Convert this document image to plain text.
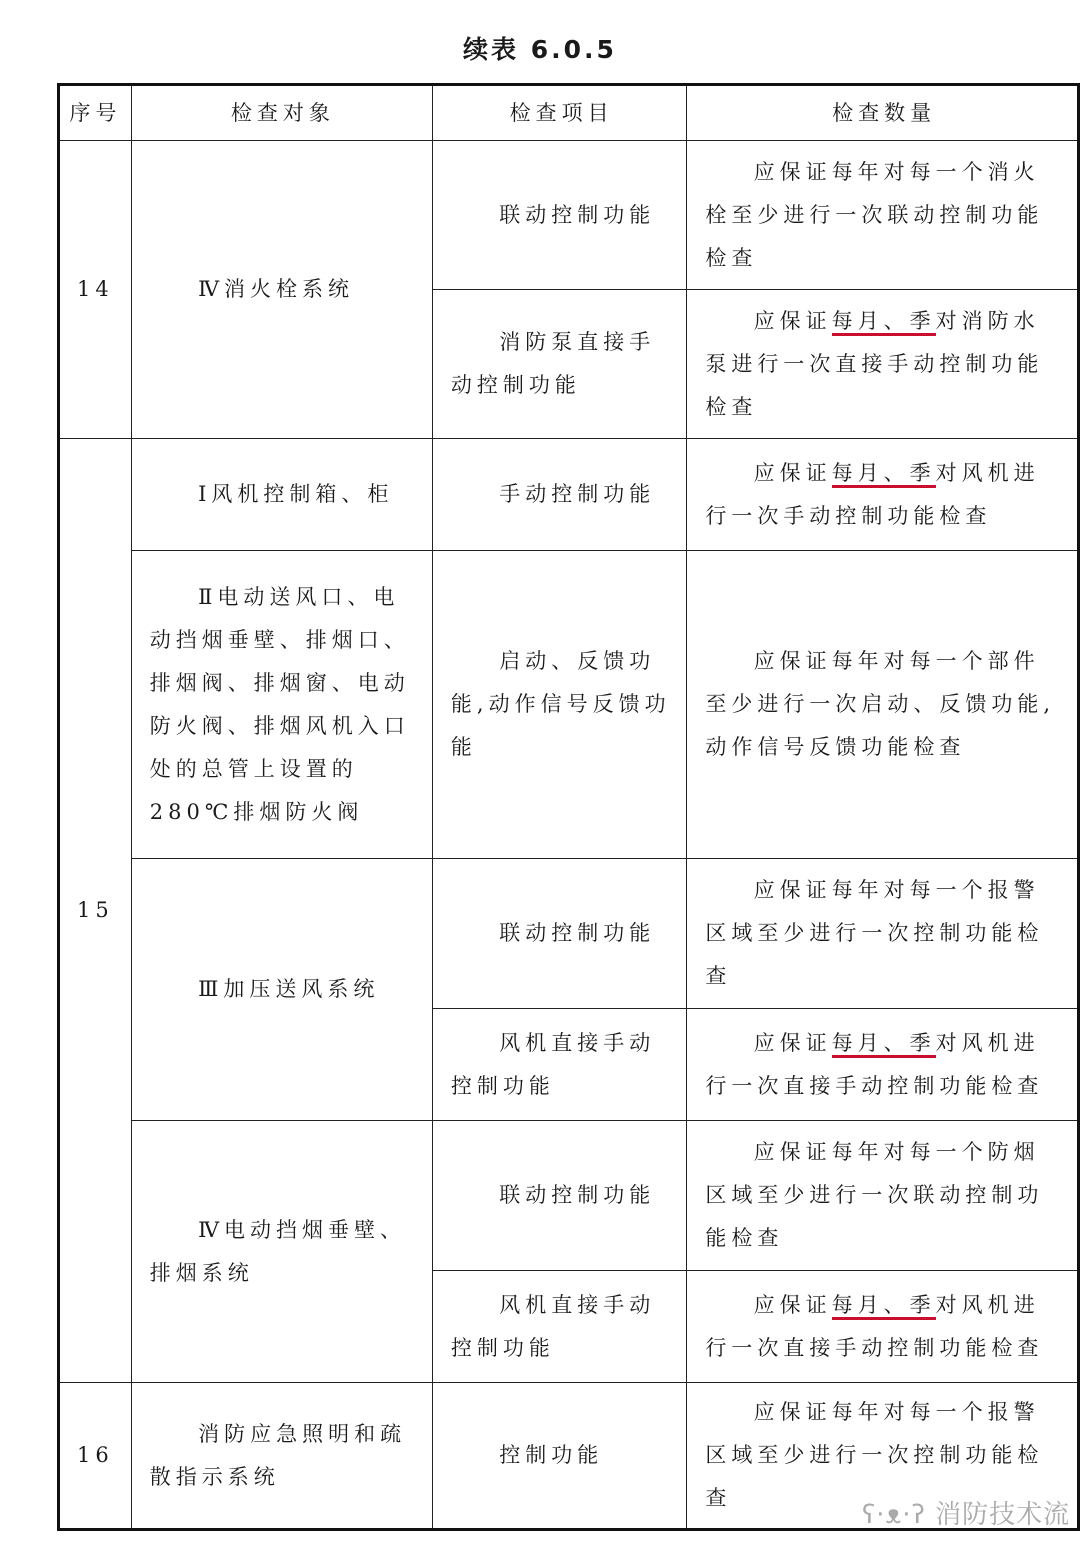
续表 6.0.5
序号	检查对象	检查项目	检查数量
14	Ⅳ消火栓系统	联动控制功能	应保证每年对每一个消火栓至少进行一次联动控制功能检查
		消防泵直接手动控制功能	应保证每月、季对消防水泵进行一次直接手动控制功能检查
15	Ⅰ风机控制箱、柜	手动控制功能	应保证每月、季对风机进行一次手动控制功能检查
	Ⅱ电动送风口、电动挡烟垂壁、排烟口、排烟阀、排烟窗、电动防火阀、排烟风机入口处的总管上设置的280℃排烟防火阀	启动、反馈功能,动作信号反馈功能	应保证每年对每一个部件至少进行一次启动、反馈功能,动作信号反馈功能检查
	Ⅲ加压送风系统	联动控制功能	应保证每年对每一个报警区域至少进行一次控制功能检查
		风机直接手动控制功能	应保证每月、季对风机进行一次直接手动控制功能检查
	Ⅳ电动挡烟垂壁、排烟系统	联动控制功能	应保证每年对每一个防烟区域至少进行一次联动控制功能检查
		风机直接手动控制功能	应保证每月、季对风机进行一次直接手动控制功能检查
16	消防应急照明和疏散指示系统	控制功能	应保证每年对每一个报警区域至少进行一次控制功能检查
ʕ·ᴥ·ʔ 消防技术流
